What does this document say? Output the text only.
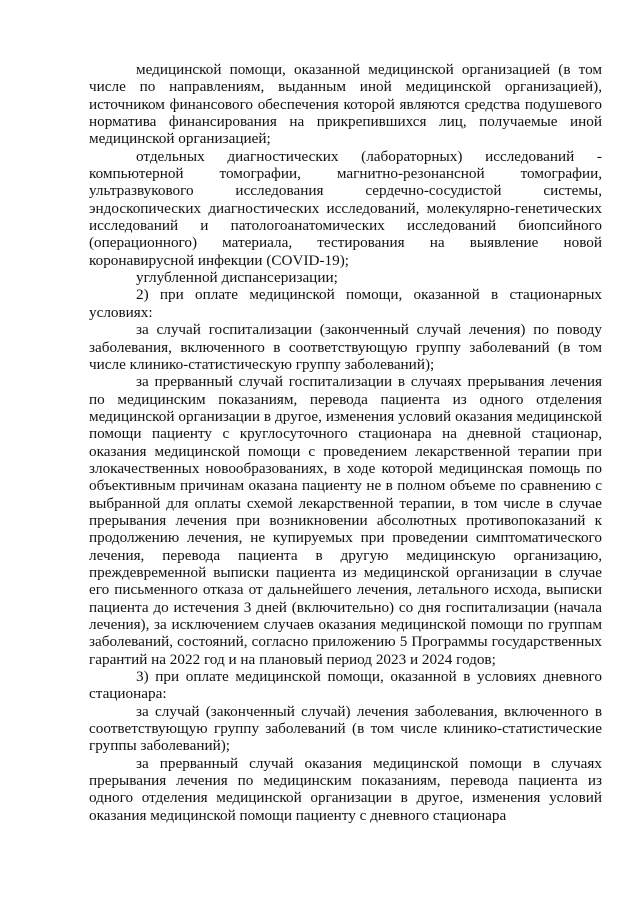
медицинской помощи, оказанной медицинской организацией (в том числе по направлениям, выданным иной медицинской организацией), источником финансового обеспечения которой являются средства подушевого норматива финансирования на прикрепившихся лиц, получаемые иной медицинской организацией;

отдельных диагностических (лабораторных) исследований - компьютерной томографии, магнитно-резонансной томографии, ультразвукового исследования сердечно-сосудистой системы, эндоскопических диагностических исследований, молекулярно-генетических исследований и патологоанатомических исследований биопсийного (операционного) материала, тестирования на выявление новой коронавирусной инфекции (COVID-19);

углубленной диспансеризации;

2) при оплате медицинской помощи, оказанной в стационарных условиях:

за случай госпитализации (законченный случай лечения) по поводу заболевания, включенного в соответствующую группу заболеваний (в том числе клинико-статистическую группу заболеваний);

за прерванный случай госпитализации в случаях прерывания лечения по медицинским показаниям, перевода пациента из одного отделения медицинской организации в другое, изменения условий оказания медицинской помощи пациенту с круглосуточного стационара на дневной стационар, оказания медицинской помощи с проведением лекарственной терапии при злокачественных новообразованиях, в ходе которой медицинская помощь по объективным причинам оказана пациенту не в полном объеме по сравнению с выбранной для оплаты схемой лекарственной терапии, в том числе в случае прерывания лечения при возникновении абсолютных противопоказаний к продолжению лечения, не купируемых при проведении симптоматического лечения, перевода пациента в другую медицинскую организацию, преждевременной выписки пациента из медицинской организации в случае его письменного отказа от дальнейшего лечения, летального исхода, выписки пациента до истечения 3 дней (включительно) со дня госпитализации (начала лечения), за исключением случаев оказания медицинской помощи по группам заболеваний, состояний, согласно приложению 5 Программы государственных гарантий на 2022 год и на плановый период 2023 и 2024 годов;

3) при оплате медицинской помощи, оказанной в условиях дневного стационара:

за случай (законченный случай) лечения заболевания, включенного в соответствующую группу заболеваний (в том числе клинико-статистические группы заболеваний);

за прерванный случай оказания медицинской помощи в случаях прерывания лечения по медицинским показаниям, перевода пациента из одного отделения медицинской организации в другое, изменения условий оказания медицинской помощи пациенту с дневного стационара
